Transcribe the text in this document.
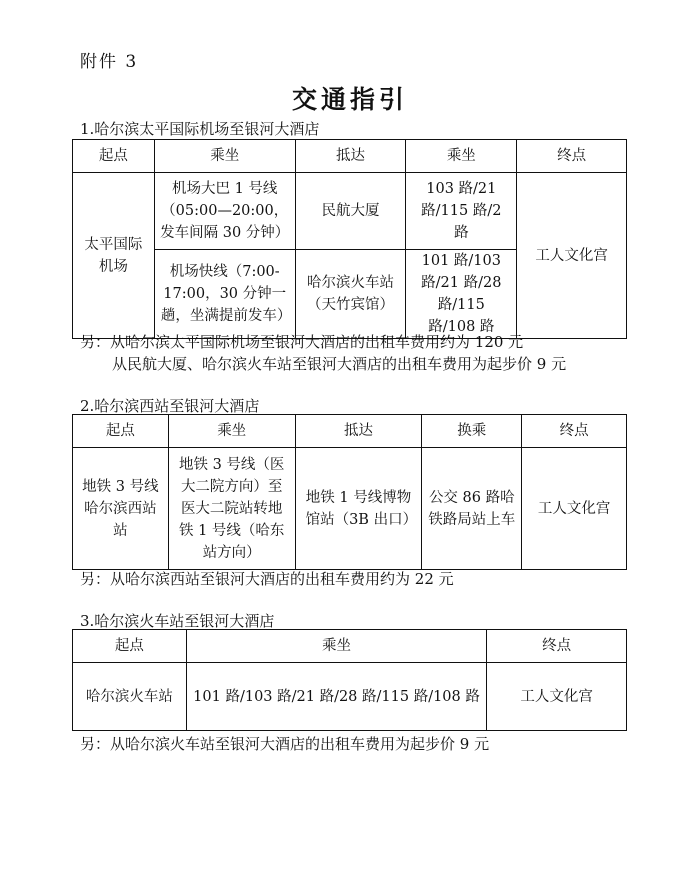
附件 3
交通指引
1.哈尔滨太平国际机场至银河大酒店
起点	乘坐	抵达	乘坐	终点
太平国际机场	机场大巴 1 号线（05:00—20:00，发车间隔 30 分钟）	民航大厦	103 路/21 路/115 路/2 路	工人文化宫
	机场快线（7:00-17:00，30 分钟一趟，坐满提前发车）	哈尔滨火车站（天竹宾馆）	101 路/103 路/21 路/28 路/115 路/108 路	
另：从哈尔滨太平国际机场至银河大酒店的出租车费用约为 120 元
从民航大厦、哈尔滨火车站至银河大酒店的出租车费用为起步价 9 元
2.哈尔滨西站至银河大酒店
起点	乘坐	抵达	换乘	终点
地铁 3 号线哈尔滨西站站	地铁 3 号线（医大二院方向）至医大二院站转地铁 1 号线（哈东站方向）	地铁 1 号线博物馆站（3B 出口）	公交 86 路哈铁路局站上车	工人文化宫
另：从哈尔滨西站至银河大酒店的出租车费用约为 22 元
3.哈尔滨火车站至银河大酒店
起点	乘坐	终点
哈尔滨火车站	101 路/103 路/21 路/28 路/115 路/108 路	工人文化宫
另：从哈尔滨火车站至银河大酒店的出租车费用为起步价 9 元
